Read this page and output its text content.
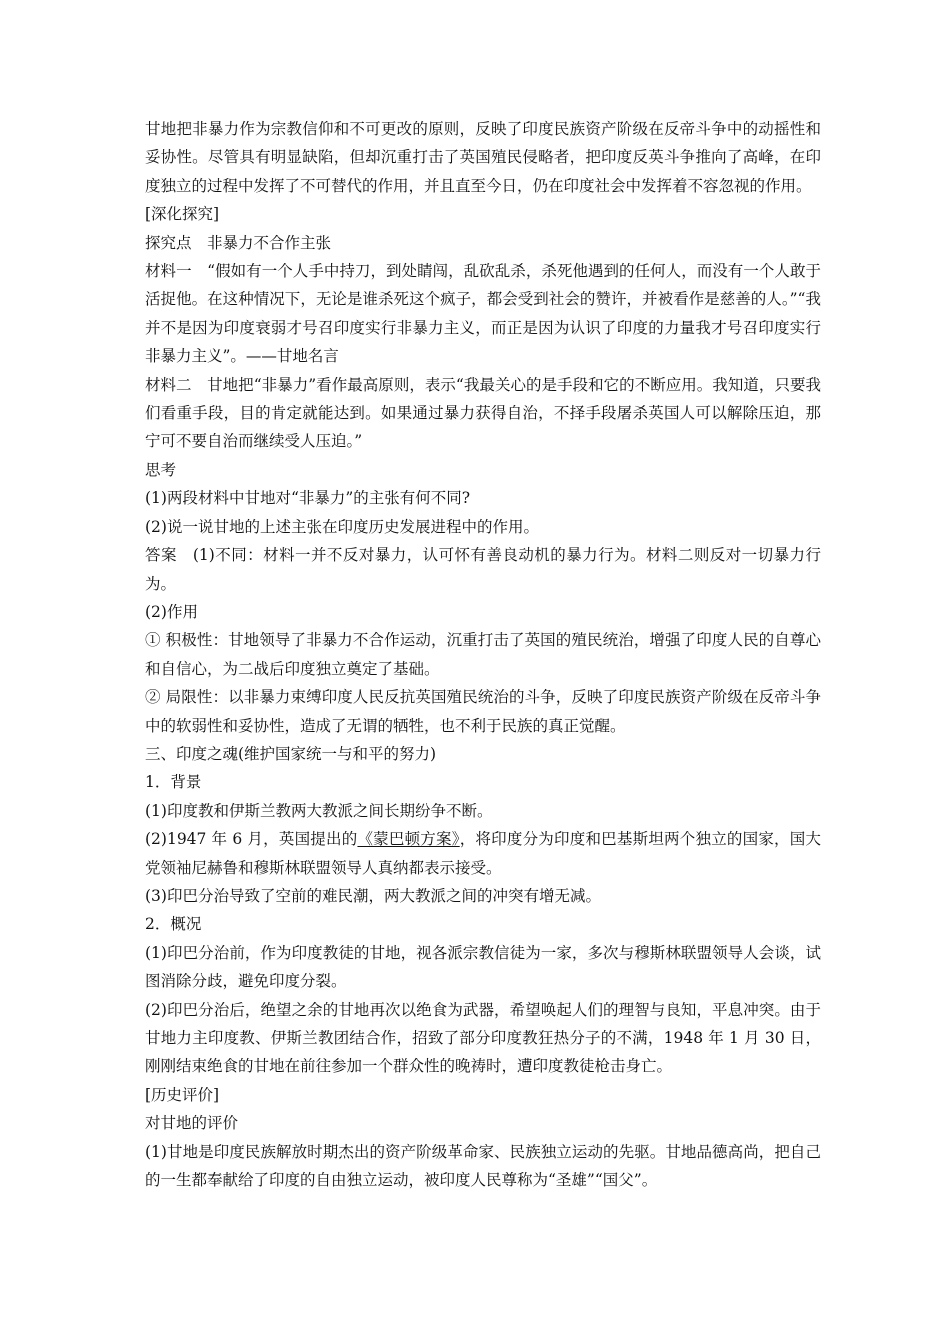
甘地把非暴力作为宗教信仰和不可更改的原则，反映了印度民族资产阶级在反帝斗争中的动摇性和妥协性。尽管具有明显缺陷，但却沉重打击了英国殖民侵略者，把印度反英斗争推向了高峰，在印度独立的过程中发挥了不可替代的作用，并且直至今日，仍在印度社会中发挥着不容忽视的作用。

[深化探究]

探究点　非暴力不合作主张

材料一　“假如有一个人手中持刀，到处睛闯，乱砍乱杀，杀死他遇到的任何人，而没有一个人敢于活捉他。在这种情况下，无论是谁杀死这个疯子，都会受到社会的赞许，并被看作是慈善的人。”“我并不是因为印度衰弱才号召印度实行非暴力主义，而正是因为认识了印度的力量我才号召印度实行非暴力主义”。——甘地名言

材料二　甘地把“非暴力”看作最高原则，表示“我最关心的是手段和它的不断应用。我知道，只要我们看重手段，目的肯定就能达到。如果通过暴力获得自治，不择手段屠杀英国人可以解除压迫，那宁可不要自治而继续受人压迫。”

思考

(1)两段材料中甘地对“非暴力”的主张有何不同?

(2)说一说甘地的上述主张在印度历史发展进程中的作用。

答案　(1)不同：材料一并不反对暴力，认可怀有善良动机的暴力行为。材料二则反对一切暴力行为。

(2)作用

① 积极性：甘地领导了非暴力不合作运动，沉重打击了英国的殖民统治，增强了印度人民的自尊心和自信心，为二战后印度独立奠定了基础。

② 局限性：以非暴力束缚印度人民反抗英国殖民统治的斗争，反映了印度民族资产阶级在反帝斗争中的软弱性和妥协性，造成了无谓的牺牲，也不利于民族的真正觉醒。

三、印度之魂(维护国家统一与和平的努力)

1．背景

(1)印度教和伊斯兰教两大教派之间长期纷争不断。

(2)1947 年 6 月，英国提出的《蒙巴顿方案》，将印度分为印度和巴基斯坦两个独立的国家，国大党领袖尼赫鲁和穆斯林联盟领导人真纳都表示接受。

(3)印巴分治导致了空前的难民潮，两大教派之间的冲突有增无减。

2．概况

(1)印巴分治前，作为印度教徒的甘地，视各派宗教信徒为一家，多次与穆斯林联盟领导人会谈，试图消除分歧，避免印度分裂。

(2)印巴分治后，绝望之余的甘地再次以绝食为武器，希望唤起人们的理智与良知，平息冲突。由于甘地力主印度教、伊斯兰教团结合作，招致了部分印度教狂热分子的不满，1948 年 1 月 30 日，刚刚结束绝食的甘地在前往参加一个群众性的晚祷时，遭印度教徒枪击身亡。

[历史评价]

对甘地的评价

(1)甘地是印度民族解放时期杰出的资产阶级革命家、民族独立运动的先驱。甘地品德高尚，把自己的一生都奉献给了印度的自由独立运动，被印度人民尊称为“圣雄”“国父”。
